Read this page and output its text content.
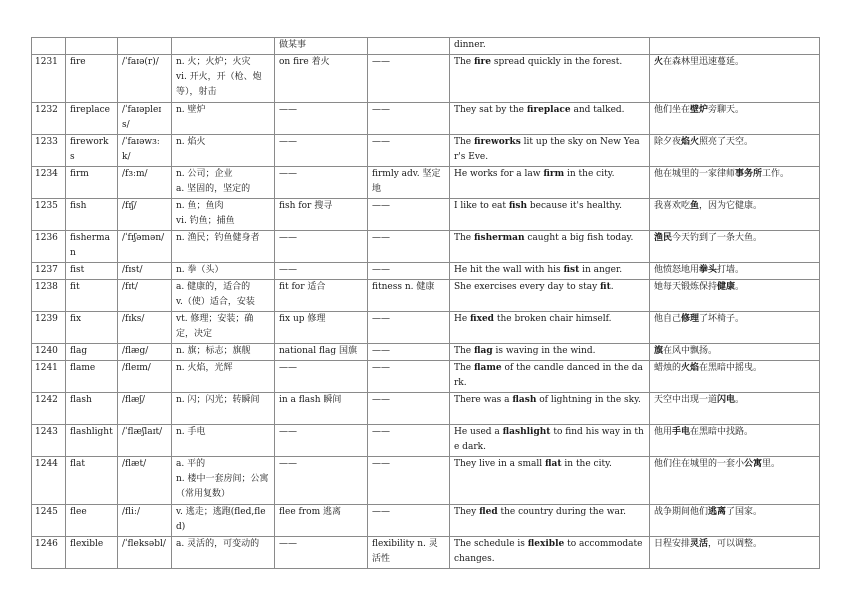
				做某事		dinner.	
1231	fire	/ˈfaɪə(r)/	n. 火；火炉；火灾
vi. 开火，开（枪、炮等），射击	on fire 着火	——	The fire spread quickly in the forest.	火在森林里迅速蔓延。
1232	fireplace	/ˈfaɪəpleɪs/	n. 壁炉	——	——	They sat by the fireplace and talked.	他们坐在壁炉旁聊天。
1233	fireworks	/ˈfaɪəwɜːk/	n. 焰火	——	——	The fireworks lit up the sky on New Year's Eve.	除夕夜焰火照亮了天空。
1234	firm	/fɜːm/	n. 公司；企业
a. 坚固的，坚定的	——	firmly adv. 坚定地	He works for a law firm in the city.	他在城里的一家律师事务所工作。
1235	fish	/fɪʃ/	n. 鱼；鱼肉
vi. 钓鱼；捕鱼	fish for 搜寻	——	I like to eat fish because it's healthy.	我喜欢吃鱼，因为它健康。
1236	fisherman	/ˈfɪʃəmən/	n. 渔民；钓鱼健身者	——	——	The fisherman caught a big fish today.	渔民今天钓到了一条大鱼。
1237	fist	/fɪst/	n. 拳（头）	——	——	He hit the wall with his fist in anger.	他愤怒地用拳头打墙。
1238	fit	/fɪt/	a. 健康的，适合的
v.（使）适合，安装	fit for 适合	fitness n. 健康	She exercises every day to stay fit.	她每天锻炼保持健康。
1239	fix	/fɪks/	vt. 修理；安装；确定，决定	fix up 修理	——	He fixed the broken chair himself.	他自己修理了坏椅子。
1240	flag	/flæg/	n. 旗；标志；旗舰	national flag 国旗	——	The flag is waving in the wind.	旗在风中飘扬。
1241	flame	/fleɪm/	n. 火焰，光辉	——	——	The flame of the candle danced in the dark.	蜡烛的火焰在黑暗中摇曳。
1242	flash	/flæʃ/	n. 闪；闪光；转瞬间	in a flash 瞬间	——	There was a flash of lightning in the sky.	天空中出现一道闪电。
1243	flashlight	/ˈflæʃlaɪt/	n. 手电	——	——	He used a flashlight to find his way in the dark.	他用手电在黑暗中找路。
1244	flat	/flæt/	a. 平的
n. 楼中一套房间；公寓（常用复数）	——	——	They live in a small flat in the city.	他们住在城里的一套小公寓里。
1245	flee	/fliː/	v. 逃走；逃跑(fled,fled)	flee from 逃离	——	They fled the country during the war.	战争期间他们逃离了国家。
1246	flexible	/ˈfleksəbl/	a. 灵活的，可变动的	——	flexibility n. 灵活性	The schedule is flexible to accommodate changes.	日程安排灵活，可以调整。
